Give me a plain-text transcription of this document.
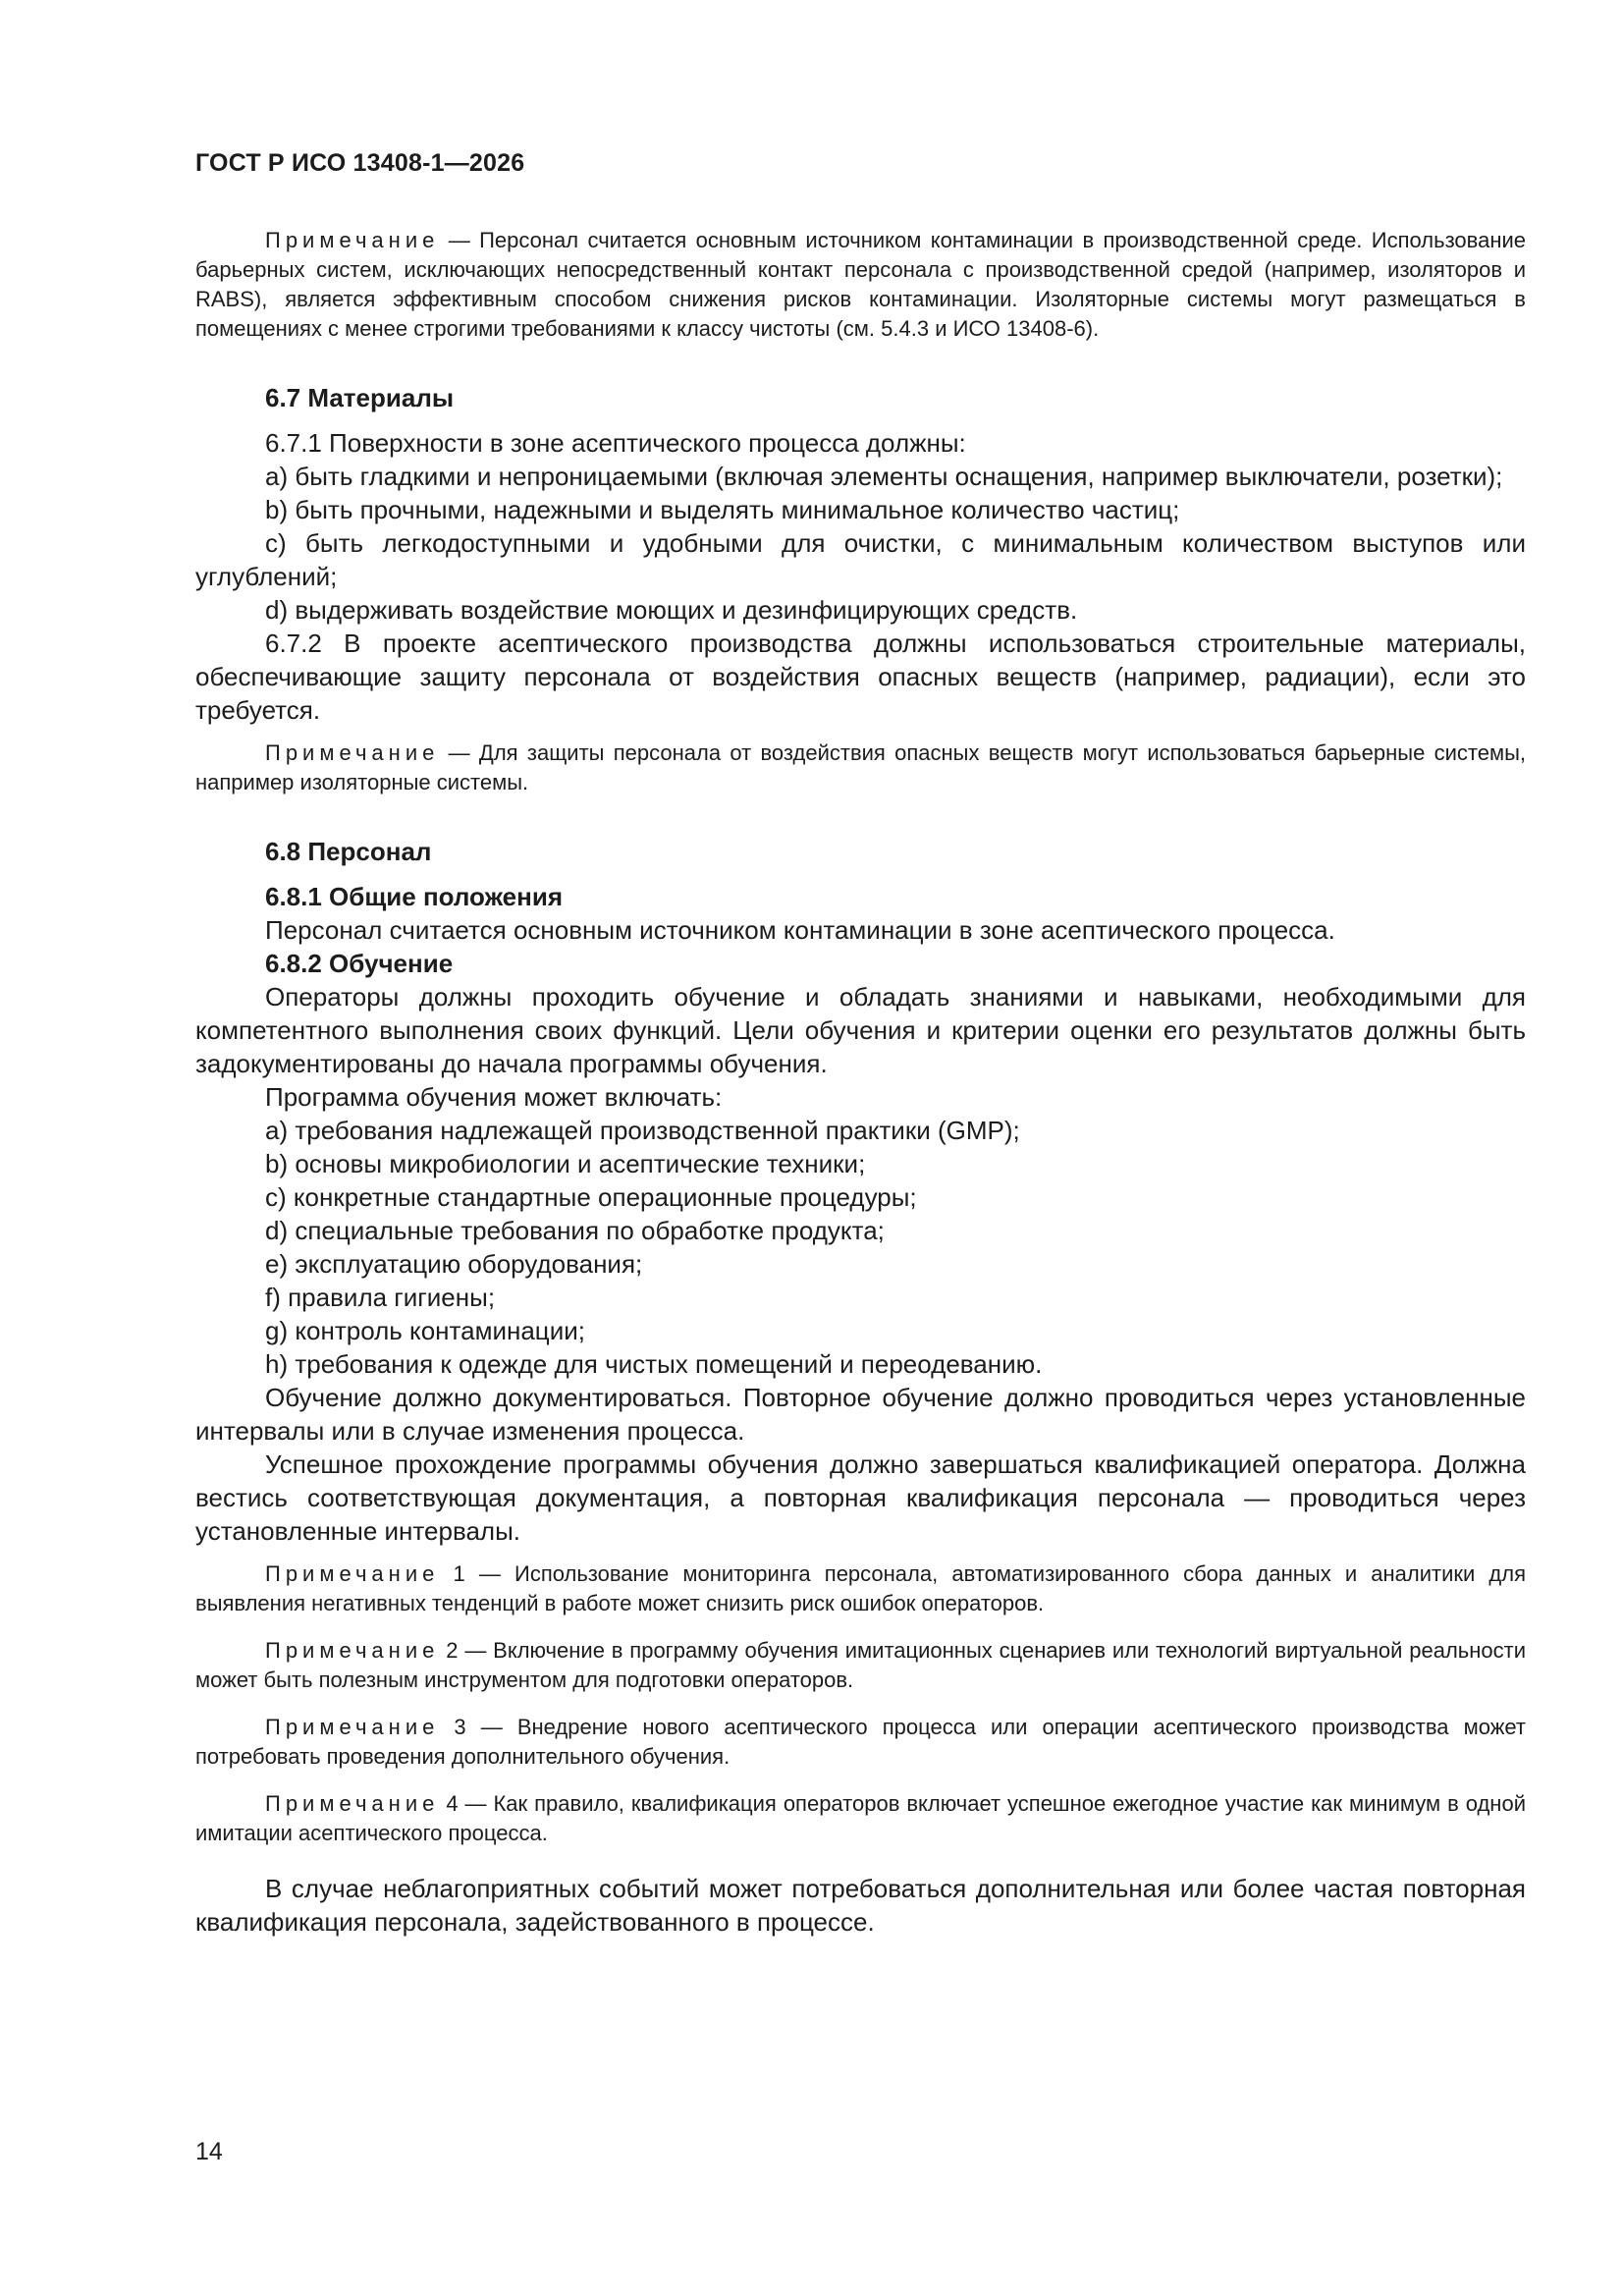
ГОСТ Р ИСО 13408-1—2026

Примечание — Персонал считается основным источником контаминации в производственной среде. Использование барьерных систем, исключающих непосредственный контакт персонала с производственной средой (например, изоляторов и RABS), является эффективным способом снижения рисков контаминации. Изоляторные системы могут размещаться в помещениях с менее строгими требованиями к классу чистоты (см. 5.4.3 и ИСО 13408-6).

6.7 Материалы

6.7.1 Поверхности в зоне асептического процесса должны:

a) быть гладкими и непроницаемыми (включая элементы оснащения, например выключатели, розетки);

b) быть прочными, надежными и выделять минимальное количество частиц;

c) быть легкодоступными и удобными для очистки, с минимальным количеством выступов или углублений;

d) выдерживать воздействие моющих и дезинфицирующих средств.

6.7.2 В проекте асептического производства должны использоваться строительные материалы, обеспечивающие защиту персонала от воздействия опасных веществ (например, радиации), если это требуется.

Примечание — Для защиты персонала от воздействия опасных веществ могут использоваться барьерные системы, например изоляторные системы.

6.8 Персонал

6.8.1 Общие положения

Персонал считается основным источником контаминации в зоне асептического процесса.

6.8.2 Обучение

Операторы должны проходить обучение и обладать знаниями и навыками, необходимыми для компетентного выполнения своих функций. Цели обучения и критерии оценки его результатов должны быть задокументированы до начала программы обучения.

Программа обучения может включать:

a) требования надлежащей производственной практики (GMP);

b) основы микробиологии и асептические техники;

c) конкретные стандартные операционные процедуры;

d) специальные требования по обработке продукта;

e) эксплуатацию оборудования;

f) правила гигиены;

g) контроль контаминации;

h) требования к одежде для чистых помещений и переодеванию.

Обучение должно документироваться. Повторное обучение должно проводиться через установленные интервалы или в случае изменения процесса.

Успешное прохождение программы обучения должно завершаться квалификацией оператора. Должна вестись соответствующая документация, а повторная квалификация персонала — проводиться через установленные интервалы.

Примечание 1 — Использование мониторинга персонала, автоматизированного сбора данных и аналитики для выявления негативных тенденций в работе может снизить риск ошибок операторов.

Примечание 2 — Включение в программу обучения имитационных сценариев или технологий виртуальной реальности может быть полезным инструментом для подготовки операторов.

Примечание 3 — Внедрение нового асептического процесса или операции асептического производства может потребовать проведения дополнительного обучения.

Примечание 4 — Как правило, квалификация операторов включает успешное ежегодное участие как минимум в одной имитации асептического процесса.

В случае неблагоприятных событий может потребоваться дополнительная или более частая повторная квалификация персонала, задействованного в процессе.

14
